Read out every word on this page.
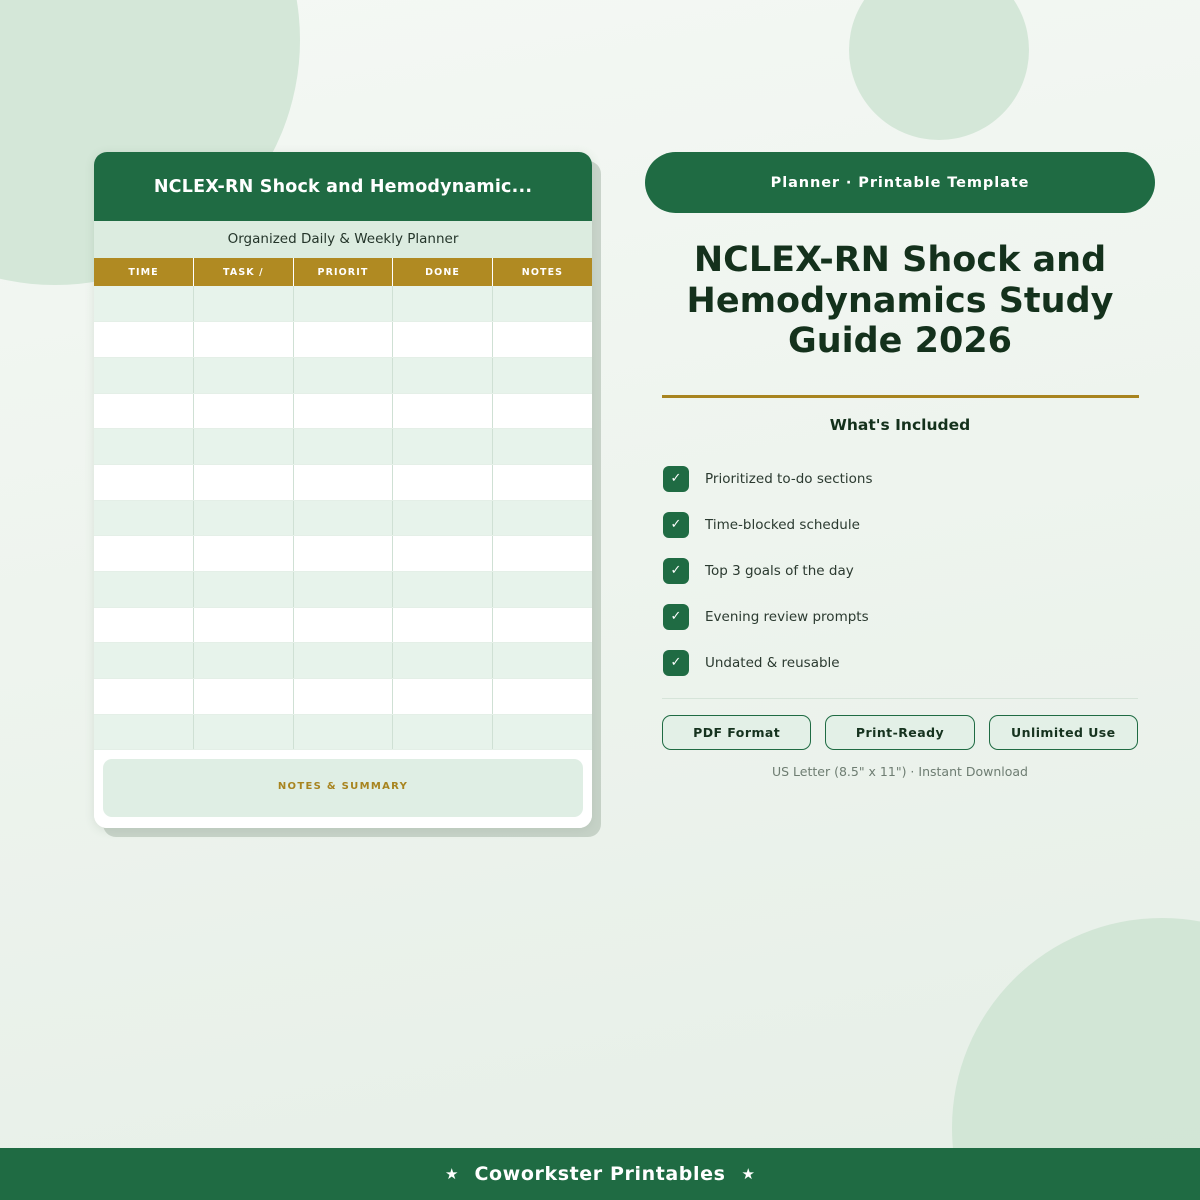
NCLEX-RN Shock and Hemodynamic...
Organized Daily & Weekly Planner
TIME	TASK /	PRIORIT	DONE	NOTES

NOTES & SUMMARY
Planner · Printable Template
NCLEX-RN Shock and Hemodynamics Study Guide 2026
What's Included
✓	Prioritized to-do sections
✓	Time-blocked schedule
✓	Top 3 goals of the day
✓	Evening review prompts
✓	Undated & reusable
PDF Format	Print-Ready	Unlimited Use
US Letter (8.5" x 11") · Instant Download
★ Coworkster Printables ★
